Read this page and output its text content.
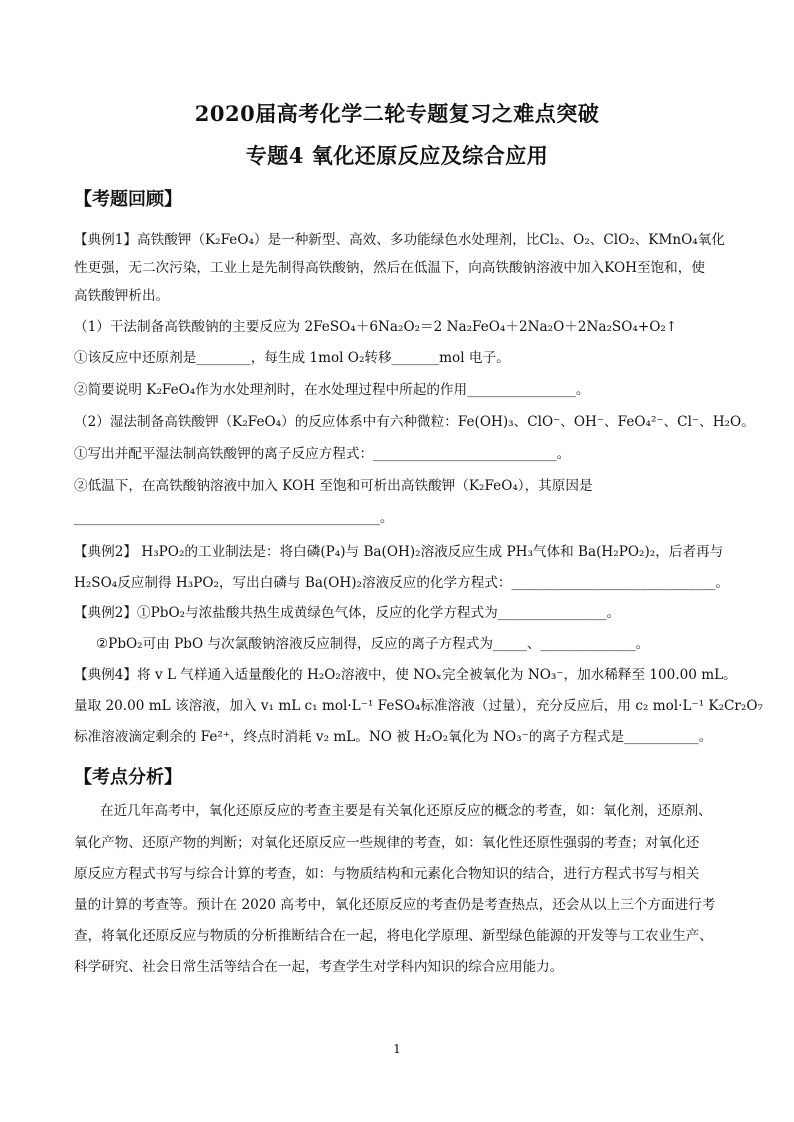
2020届高考化学二轮专题复习之难点突破
专题4 氧化还原反应及综合应用
【考题回顾】
【典例1】高铁酸钾（K₂FeO₄）是一种新型、高效、多功能绿色水处理剂，比Cl₂、O₂、ClO₂、KMnO₄氧化
性更强，无二次污染，工业上是先制得高铁酸钠，然后在低温下，向高铁酸钠溶液中加入KOH至饱和，使
高铁酸钾析出。
（1）干法制备高铁酸钠的主要反应为 2FeSO₄＋6Na₂O₂＝2 Na₂FeO₄＋2Na₂O＋2Na₂SO₄+O₂↑
①该反应中还原剂是________，每生成 1mol O₂转移_______mol 电子。
②简要说明 K₂FeO₄作为水处理剂时，在水处理过程中所起的作用________________。
（2）湿法制备高铁酸钾（K₂FeO₄）的反应体系中有六种微粒：Fe(OH)₃、ClO⁻、OH⁻、FeO₄²⁻、Cl⁻、H₂O。
①写出并配平湿法制高铁酸钾的离子反应方程式：___________________________。
②低温下，在高铁酸钠溶液中加入 KOH 至饱和可析出高铁酸钾（K₂FeO₄），其原因是
_____________________________________________。
【典例2】 H₃PO₂的工业制法是：将白磷(P₄)与 Ba(OH)₂溶液反应生成 PH₃气体和 Ba(H₂PO₂)₂，后者再与
H₂SO₄反应制得 H₃PO₂，写出白磷与 Ba(OH)₂溶液反应的化学方程式：______________________________。
【典例2】①PbO₂与浓盐酸共热生成黄绿色气体，反应的化学方程式为________________。
②PbO₂可由 PbO 与次氯酸钠溶液反应制得，反应的离子方程式为_____、______________。
【典例4】将 v L 气样通入适量酸化的 H₂O₂溶液中，使 NOₓ完全被氧化为 NO₃⁻，加水稀释至 100.00 mL。
量取 20.00 mL 该溶液，加入 v₁ mL c₁ mol·L⁻¹ FeSO₄标准溶液（过量），充分反应后，用 c₂ mol·L⁻¹ K₂Cr₂O₇
标准溶液滴定剩余的 Fe²⁺，终点时消耗 v₂ mL。NO 被 H₂O₂氧化为 NO₃⁻的离子方程式是___________。
【考点分析】
在近几年高考中，氧化还原反应的考查主要是有关氧化还原反应的概念的考查，如：氧化剂，还原剂、
氧化产物、还原产物的判断；对氧化还原反应一些规律的考查，如：氧化性还原性强弱的考查；对氧化还
原反应方程式书写与综合计算的考查，如：与物质结构和元素化合物知识的结合，进行方程式书写与相关
量的计算的考查等。预计在 2020 高考中，氧化还原反应的考查仍是考查热点，还会从以上三个方面进行考
查，将氧化还原反应与物质的分析推断结合在一起，将电化学原理、新型绿色能源的开发等与工农业生产、
科学研究、社会日常生活等结合在一起，考查学生对学科内知识的综合应用能力。
1
